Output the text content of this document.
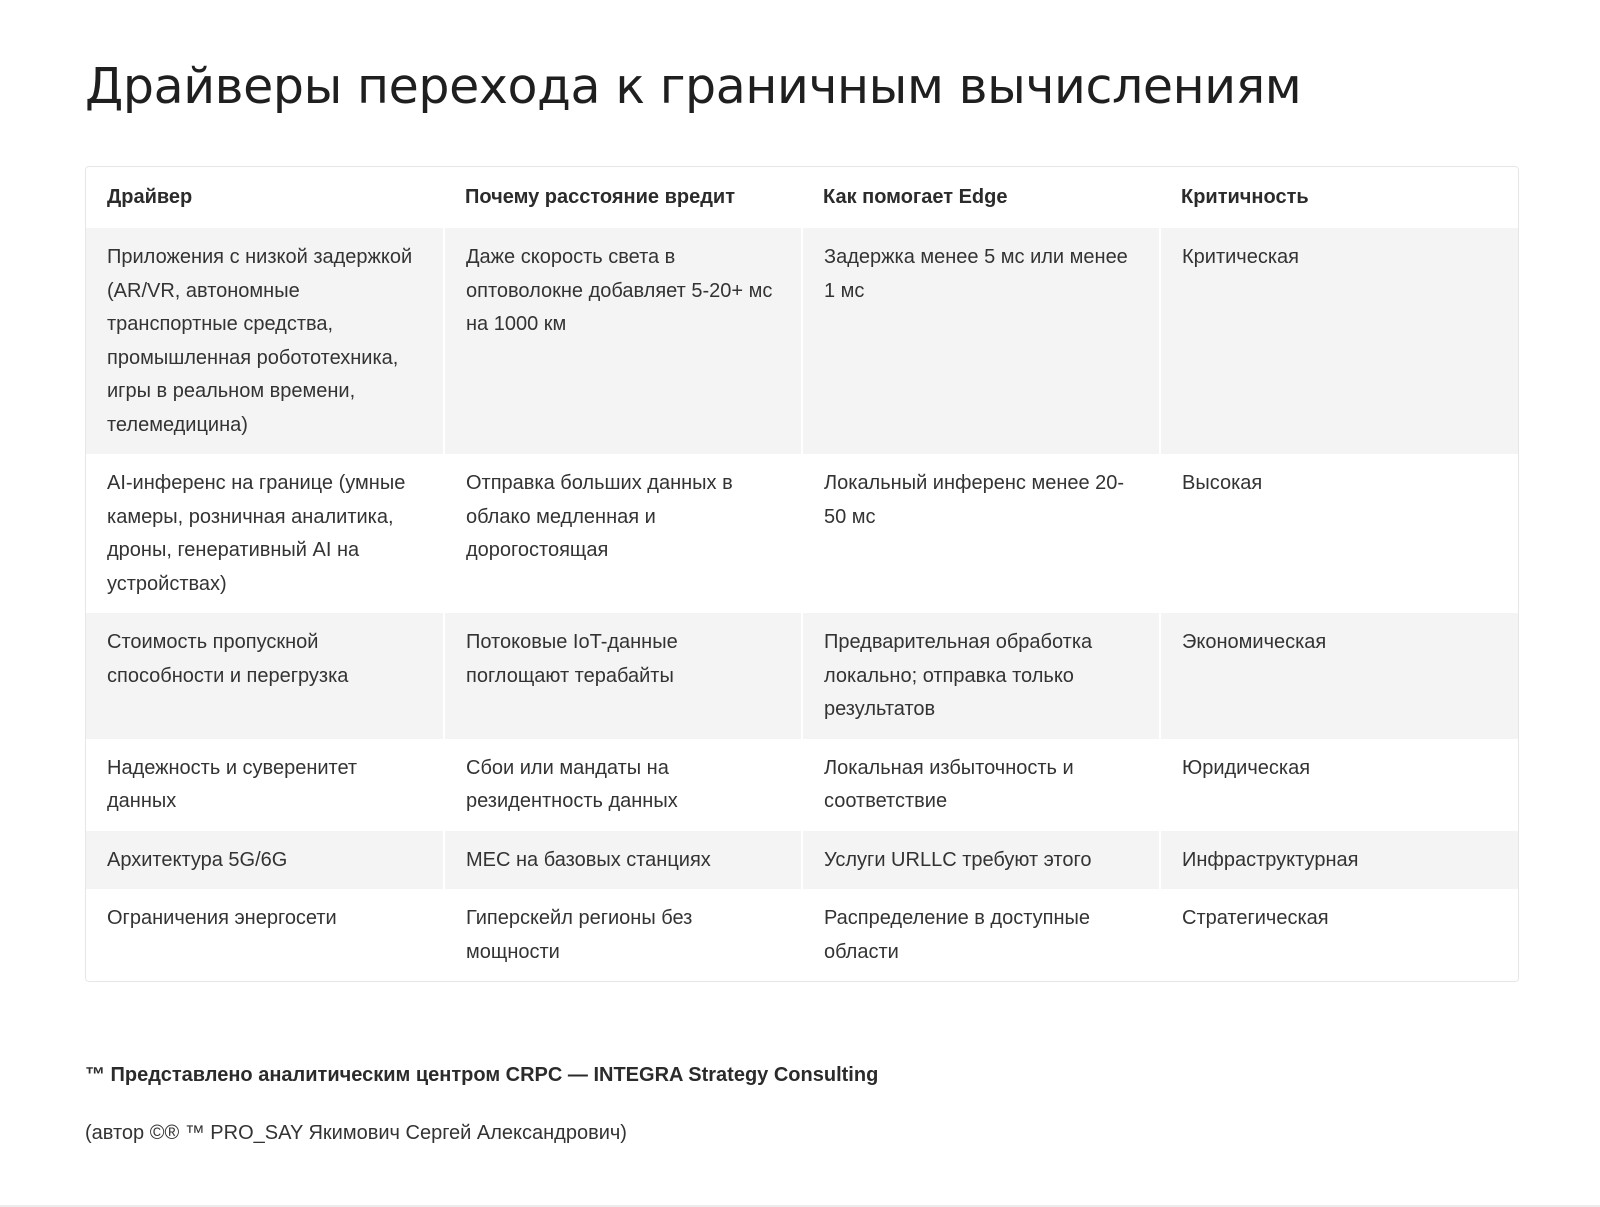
Драйверы перехода к граничным вычислениям
Драйвер	Почему расстояние вредит	Как помогает Edge	Критичность
Приложения с низкой задержкой (AR/VR, автономные транспортные средства, промышленная робототехника, игры в реальном времени, телемедицина)	Даже скорость света в оптоволокне добавляет 5-20+ мс на 1000 км	Задержка менее 5 мс или менее 1 мс	Критическая
AI-инференс на границе (умные камеры, розничная аналитика, дроны, генеративный AI на устройствах)	Отправка больших данных в облако медленная и дорогостоящая	Локальный инференс менее 20-50 мс	Высокая
Стоимость пропускной способности и перегрузка	Потоковые IoT-данные поглощают терабайты	Предварительная обработка локально; отправка только результатов	Экономическая
Надежность и суверенитет данных	Сбои или мандаты на резидентность данных	Локальная избыточность и соответствие	Юридическая
Архитектура 5G/6G	MEC на базовых станциях	Услуги URLLC требуют этого	Инфраструктурная
Ограничения энергосети	Гиперскейл регионы без мощности	Распределение в доступные области	Стратегическая
™ Представлено аналитическим центром CRPC — INTEGRA Strategy Consulting
(автор ©® ™ PRO_SAY Якимович Сергей Александрович)
